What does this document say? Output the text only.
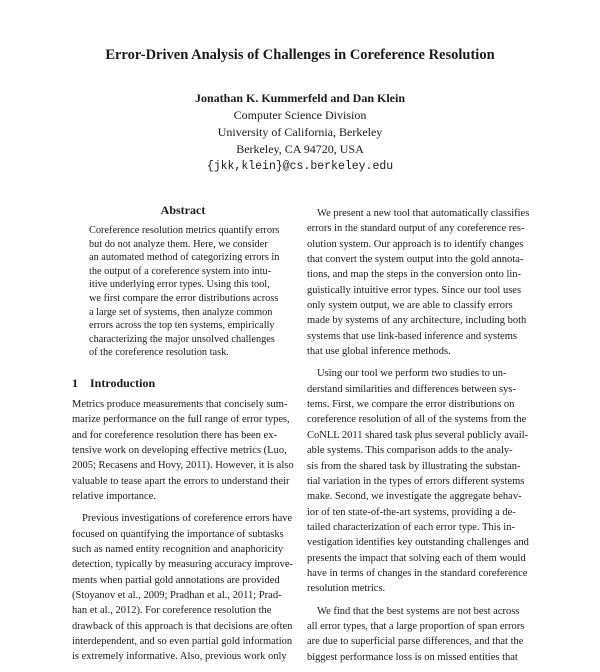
Error-Driven Analysis of Challenges in Coreference Resolution
Jonathan K. Kummerfeld and Dan Klein
Computer Science Division
University of California, Berkeley
Berkeley, CA 94720, USA
{jkk,klein}@cs.berkeley.edu
Abstract
Coreference resolution metrics quantify errors
but do not analyze them. Here, we consider
an automated method of categorizing errors in
the output of a coreference system into intu-
itive underlying error types. Using this tool,
we first compare the error distributions across
a large set of systems, then analyze common
errors across the top ten systems, empirically
characterizing the major unsolved challenges
of the coreference resolution task.
1 Introduction
Metrics produce measurements that concisely sum-
marize performance on the full range of error types,
and for coreference resolution there has been ex-
tensive work on developing effective metrics (Luo,
2005; Recasens and Hovy, 2011). However, it is also
valuable to tease apart the errors to understand their
relative importance.
Previous investigations of coreference errors have
focused on quantifying the importance of subtasks
such as named entity recognition and anaphoricity
detection, typically by measuring accuracy improve-
ments when partial gold annotations are provided
(Stoyanov et al., 2009; Pradhan et al., 2011; Prad-
han et al., 2012). For coreference resolution the
drawback of this approach is that decisions are often
interdependent, and so even partial gold information
is extremely informative. Also, previous work only
We present a new tool that automatically classifies
errors in the standard output of any coreference res-
olution system. Our approach is to identify changes
that convert the system output into the gold annota-
tions, and map the steps in the conversion onto lin-
guistically intuitive error types. Since our tool uses
only system output, we are able to classify errors
made by systems of any architecture, including both
systems that use link-based inference and systems
that use global inference methods.
Using our tool we perform two studies to un-
derstand similarities and differences between sys-
tems. First, we compare the error distributions on
coreference resolution of all of the systems from the
CoNLL 2011 shared task plus several publicly avail-
able systems. This comparison adds to the analy-
sis from the shared task by illustrating the substan-
tial variation in the types of errors different systems
make. Second, we investigate the aggregate behav-
ior of ten state-of-the-art systems, providing a de-
tailed characterization of each error type. This in-
vestigation identifies key outstanding challenges and
presents the impact that solving each of them would
have in terms of changes in the standard coreference
resolution metrics.
We find that the best systems are not best across
all error types, that a large proportion of span errors
are due to superficial parse differences, and that the
biggest performance loss is on missed entities that
